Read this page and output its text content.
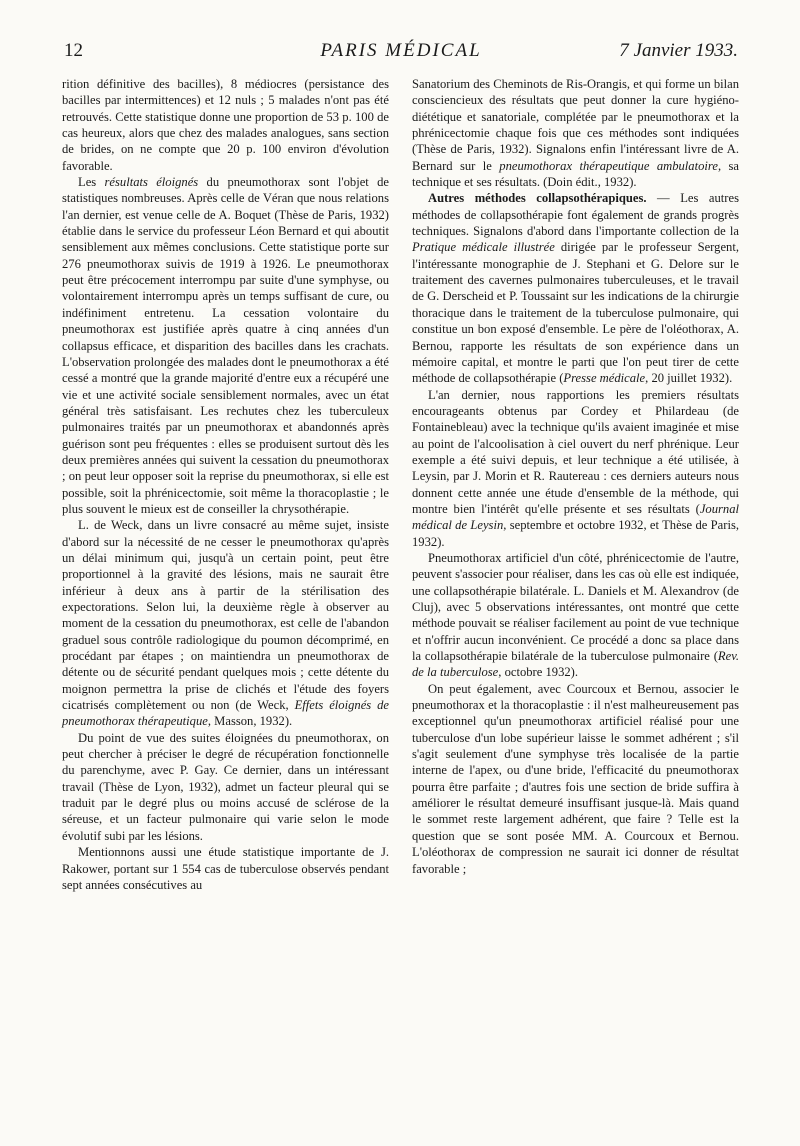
12	PARIS MÉDICAL	7 Janvier 1933.

rition définitive des bacilles), 8 médiocres (persistance des bacilles par intermittences) et 12 nuls ; 5 malades n'ont pas été retrouvés. Cette statistique donne une proportion de 53 p. 100 de cas heureux, alors que chez des malades analogues, sans section de brides, on ne compte que 20 p. 100 environ d'évolution favorable.

Les résultats éloignés du pneumothorax sont l'objet de statistiques nombreuses. Après celle de Véran que nous relations l'an dernier, est venue celle de A. Boquet (Thèse de Paris, 1932) établie dans le service du professeur Léon Bernard et qui aboutit sensiblement aux mêmes conclusions. Cette statistique porte sur 276 pneumothorax suivis de 1919 à 1926. Le pneumothorax peut être précocement interrompu par suite d'une symphyse, ou volontairement interrompu après un temps suffisant de cure, ou indéfiniment entretenu. La cessation volontaire du pneumothorax est justifiée après quatre à cinq années d'un collapsus efficace, et disparition des bacilles dans les crachats. L'observation prolongée des malades dont le pneumothorax a été cessé a montré que la grande majorité d'entre eux a récupéré une vie et une activité sociale sensiblement normales, avec un état général très satisfaisant. Les rechutes chez les tuberculeux pulmonaires traités par un pneumothorax et abandonnés après guérison sont peu fréquentes : elles se produisent surtout dès les deux premières années qui suivent la cessation du pneumothorax ; on peut leur opposer soit la reprise du pneumothorax, si elle est possible, soit la phrénicectomie, soit même la thoracoplastie ; le plus souvent le mieux est de conseiller la chrysothérapie.

L. de Weck, dans un livre consacré au même sujet, insiste d'abord sur la nécessité de ne cesser le pneumothorax qu'après un délai minimum qui, jusqu'à un certain point, peut être proportionnel à la gravité des lésions, mais ne saurait être inférieur à deux ans à partir de la stérilisation des expectorations. Selon lui, la deuxième règle à observer au moment de la cessation du pneumothorax, est celle de l'abandon graduel sous contrôle radiologique du poumon décomprimé, en procédant par étapes ; on maintiendra un pneumothorax de détente ou de sécurité pendant quelques mois ; cette détente du moignon permettra la prise de clichés et l'étude des foyers cicatrisés complètement ou non (de Weck, Effets éloignés de pneumothorax thérapeutique, Masson, 1932).

Du point de vue des suites éloignées du pneumothorax, on peut chercher à préciser le degré de récupération fonctionnelle du parenchyme, avec P. Gay. Ce dernier, dans un intéressant travail (Thèse de Lyon, 1932), admet un facteur pleural qui se traduit par le degré plus ou moins accusé de sclérose de la séreuse, et un facteur pulmonaire qui varie selon le mode évolutif subi par les lésions.

Mentionnons aussi une étude statistique importante de J. Rakower, portant sur 1 554 cas de tuberculose observés pendant sept années consécutives au

Sanatorium des Cheminots de Ris-Orangis, et qui forme un bilan consciencieux des résultats que peut donner la cure hygiéno-diététique et sanatoriale, complétée par le pneumothorax et la phrénicectomie chaque fois que ces méthodes sont indiquées (Thèse de Paris, 1932). Signalons enfin l'intéressant livre de A. Bernard sur le pneumothorax thérapeutique ambulatoire, sa technique et ses résultats. (Doin édit., 1932).

Autres méthodes collapsothérapiques. — Les autres méthodes de collapsothérapie font également de grands progrès techniques. Signalons d'abord dans l'importante collection de la Pratique médicale illustrée dirigée par le professeur Sergent, l'intéressante monographie de J. Stephani et G. Delore sur le traitement des cavernes pulmonaires tuberculeuses, et le travail de G. Derscheid et P. Toussaint sur les indications de la chirurgie thoracique dans le traitement de la tuberculose pulmonaire, qui constitue un bon exposé d'ensemble. Le père de l'oléothorax, A. Bernou, rapporte les résultats de son expérience dans un mémoire capital, et montre le parti que l'on peut tirer de cette méthode de collapsothérapie (Presse médicale, 20 juillet 1932).

L'an dernier, nous rapportions les premiers résultats encourageants obtenus par Cordey et Philardeau (de Fontainebleau) avec la technique qu'ils avaient imaginée et mise au point de l'alcoolisation à ciel ouvert du nerf phrénique. Leur exemple a été suivi depuis, et leur technique a été utilisée, à Leysin, par J. Morin et R. Rautereau : ces derniers auteurs nous donnent cette année une étude d'ensemble de la méthode, qui montre bien l'intérêt qu'elle présente et ses résultats (Journal médical de Leysin, septembre et octobre 1932, et Thèse de Paris, 1932).

Pneumothorax artificiel d'un côté, phrénicectomie de l'autre, peuvent s'associer pour réaliser, dans les cas où elle est indiquée, une collapsothérapie bilatérale. L. Daniels et M. Alexandrov (de Cluj), avec 5 observations intéressantes, ont montré que cette méthode pouvait se réaliser facilement au point de vue technique et n'offrir aucun inconvénient. Ce procédé a donc sa place dans la collapsothérapie bilatérale de la tuberculose pulmonaire (Rev. de la tuberculose, octobre 1932).

On peut également, avec Courcoux et Bernou, associer le pneumothorax et la thoracoplastie : il n'est malheureusement pas exceptionnel qu'un pneumothorax artificiel réalisé pour une tuberculose d'un lobe supérieur laisse le sommet adhérent ; s'il s'agit seulement d'une symphyse très localisée de la partie interne de l'apex, ou d'une bride, l'efficacité du pneumothorax pourra être parfaite ; d'autres fois une section de bride suffira à améliorer le résultat demeuré insuffisant jusque-là. Mais quand le sommet reste largement adhérent, que faire ? Telle est la question que se sont posée MM. A. Courcoux et Bernou. L'oléothorax de compression ne saurait ici donner de résultat favorable ;
